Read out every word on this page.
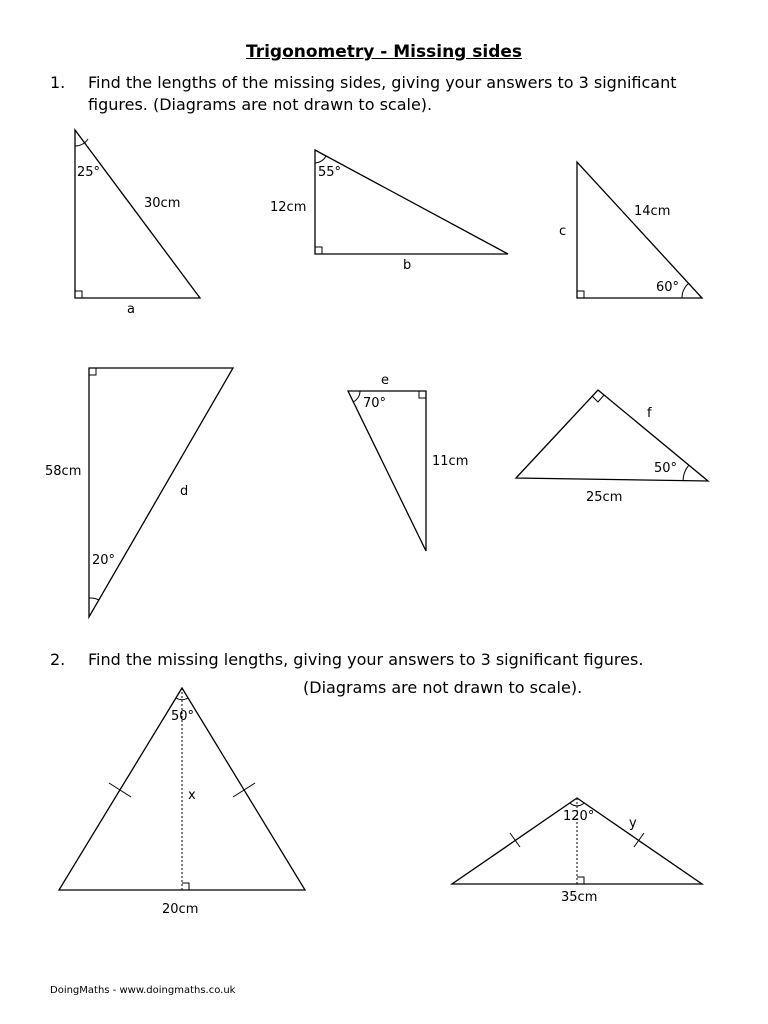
Trigonometry - Missing sides
1. Find the lengths of the missing sides, giving your answers to 3 significant figures. (Diagrams are not drawn to scale).
2. Find the missing lengths, giving your answers to 3 significant figures.
(Diagrams are not drawn to scale).
25°
30cm
a
55°
12cm
b
60°
14cm
c
20°
58cm
d
70°
11cm
e
50°
25cm
f
50°
x
20cm
120°	y
35cm
DoingMaths - www.doingmaths.co.uk
